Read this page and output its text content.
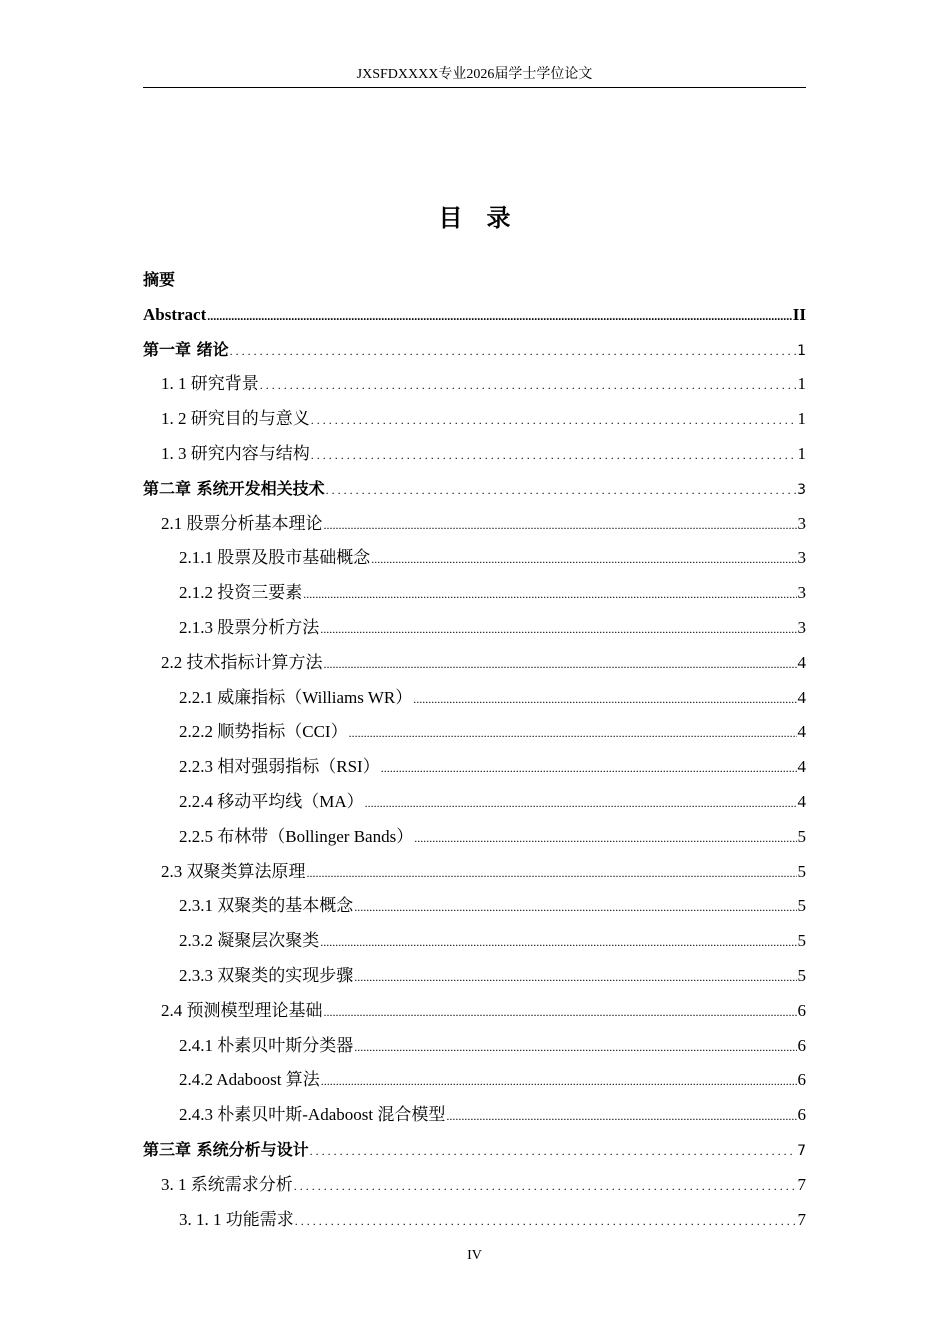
JXSFDXXXX专业2026届学士学位论文
目　录
摘要
Abstract .....	II
第一章 绪论 . . .	1
1. 1 研究背景 . . .	1
1. 2 研究目的与意义 . . .	1
1. 3 研究内容与结构 . . .	1
第二章 系统开发相关技术 . . .	3
2.1 股票分析基本理论 .....	3
2.1.1 股票及股市基础概念 .....	3
2.1.2 投资三要素 .....	3
2.1.3 股票分析方法 .....	3
2.2 技术指标计算方法 .....	4
2.2.1 威廉指标（Williams WR） .....	4
2.2.2 顺势指标（CCI） .....	4
2.2.3 相对强弱指标（RSI） .....	4
2.2.4 移动平均线（MA） .....	4
2.2.5 布林带（Bollinger Bands） .....	5
2.3 双聚类算法原理 .....	5
2.3.1 双聚类的基本概念 .....	5
2.3.2 凝聚层次聚类 .....	5
2.3.3 双聚类的实现步骤 .....	5
2.4 预测模型理论基础 .....	6
2.4.1 朴素贝叶斯分类器 .....	6
2.4.2 Adaboost 算法 .....	6
2.4.3 朴素贝叶斯-Adaboost 混合模型 .....	6
第三章 系统分析与设计 . . .	7
3. 1 系统需求分析 . . .	7
3. 1. 1 功能需求 . . .	7
IV
